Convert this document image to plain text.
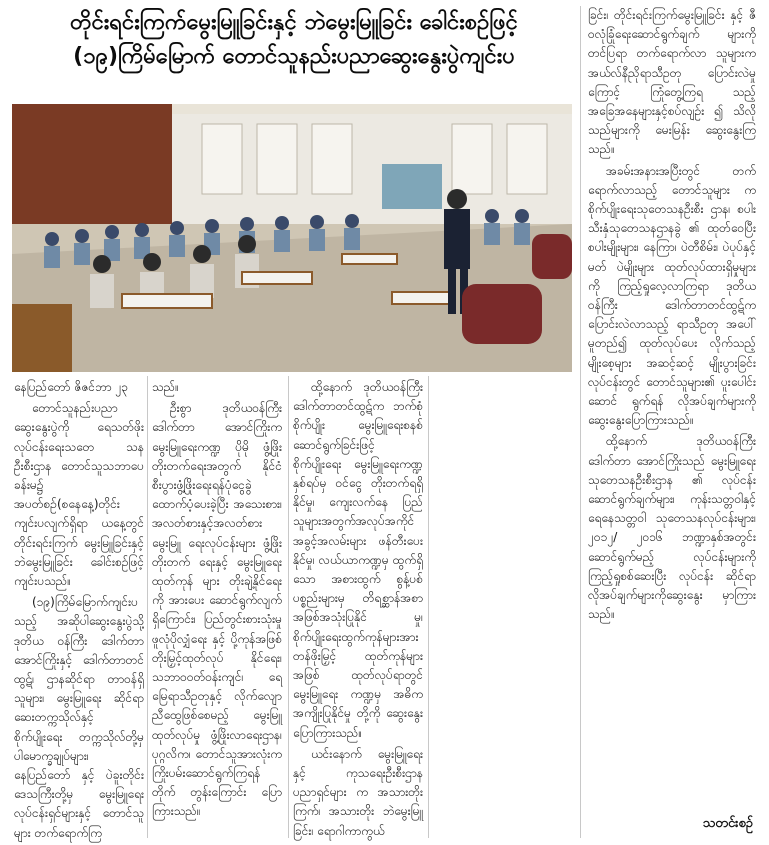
တိုင်းရင်းကြက်မွေးမြူခြင်းနှင့် ဘဲမွေးမြူခြင်း ခေါင်းစဉ်ဖြင့်
(၁၉)ကြိမ်မြောက် တောင်သူနည်းပညာဆွေးနွေးပွဲကျင်းပ

နေပြည်တော် ဇိဇင်ဘာ ၂၃

တောင်သူနည်းပညာ ဆွေးနွေးပွဲကို ရေသတ်ဖိုးလုပ်ငန်းရေးသတေ သနဦးစီးဌာန တောင်သူသဘာပေ ခန်းမ၌ အပတ်စဉ်(စနေနေ့)တိုင်း ကျင်းပလျက်ရှိရာ ယနေ့တွင် တိုင်းရင်းကြက် မွေးမြူခြင်းနှင့် ဘဲမွေးမြူခြင်း ခေါင်းစဉ်ဖြင့် ကျင်းပသည်။

(၁၉)ကြိမ်မြောက်ကျင်းပသည့် အဆိုပါဆွေးနွေးပွဲသို့ ဒုတိယ ဝန်ကြီး ဒေါက်တာအောင်ကြိုးနှင့် ဒေါက်တာတင်ထွဋ်၊ ဌာနဆိုင်ရာ တာဝန်ရှိသူများ၊ မွေးမြူရေး ဆိုင်ရာ ဆေးတက္ကသိုလ်နှင့် စိုက်ပျိုးရေး တက္ကသိုလ်တို့မှ ပါမောက္ခချုပ်များ၊ နေပြည်တော် နှင့် ပဲခူးတိုင်းဒေသကြီးတို့မှ မွေးမြူရေး လုပ်ငန်းရှင်များနှင့် တောင်သူများ တက်ရောက်ကြ

သည်။

ဦးစွာ ဒုတိယဝန်ကြီး ဒေါက်တာ အောင်ကြိုးက မွေးမြူရေးကဏ္ဍ ပိုမို ဖွံ့ဖြိုးတိုးတက်ရေးအတွက် နိုင်ငံစီးပွားဖွံ့ဖြိုးရေးရန်ပုံငွေခွဲ ထောက်ပံ့ပေးခဲ့ပြီး အသေးစား၊ အလတ်စားနှင့်အလတ်စား မွေးမြူ ရေးလုပ်ငန်းများ ဖွံ့ဖြိုးတိုးတက် ရေးနှင့် မွေးမြူရေးထုတ်ကုန် များ တိုးချဲ့နိုင်ရေးကို အားပေး ဆောင်ရွက်လျက် ရှိကြောင်း၊ ပြည်တွင်းစားသုံးမှု ဖူလုံပိုလျှံရေး နှင့် ပို့ကုန်အဖြစ်တိုးမြှင့်ထုတ်လုပ် နိုင်ရေး၊ သဘာဝဝတ်ဝန်းကျင်၊ ရေမြေရာသီဥတုနှင့် လိုက်လျော ညီထွေဖြစ်စေမည့် မွေးမြူ ထုတ်လုပ်မှု ဖွံ့ဖြိုးလာရေးဌာန၊ ပုဂ္ဂလိက၊ တောင်သူအားလုံးက ကြိုးပမ်းဆောင်ရွက်ကြရန် တိုက် တွန်းကြောင်း ပြောကြားသည်။

ထို့နောက် ဒုတိယဝန်ကြီး ဒေါက်တာတင်ထွဋ်က ဘက်စုံ စိုက်ပျိုး မွေးမြူရေးစနစ် ဆောင်ရွက်ခြင်းဖြင့် စိုက်ပျိုးရေး မွေးမြူရေးကဏ္ဍနှစ်ရပ်မှ ဝင်ငွေ တိုးတက်ရရှိနိုင်မှု၊ ကျေးလက်နေ ပြည်သူများအတွက်အလုပ်အကိုင် အခွင့်အလမ်းများ ဖန်တီးပေးနိုင်မှု၊ လယ်ယာကဏ္ဍမှ ထွက်ရှိသော အစားထွက် စွန့်ပစ်ပစ္စည်းများမှ တိရစ္ဆာန်အစာအဖြစ်အသုံးပြုနိုင် မှု၊ စိုက်ပျိုးရေးထွက်ကုန်များအား တန်ဖိုးမြှင့် ထုတ်ကုန်များအဖြစ် ထုတ်လုပ်ရာတွင် မွေးမြူရေး ကဏ္ဍမှ အဓိကအကျိုးပြုနိုင်မှု တို့ကို ဆွေးနွေးပြောကြားသည်။

ယင်းနောက် မွေးမြူရေးနှင့် ကုသရေးဦးစီးဌာန ပညာရှင်များ က အသားတိုးကြက်၊ အသားတိုး ဘဲမွေးမြူခြင်း၊ ရောဂါကာကွယ်

ခြင်း၊ တိုင်းရင်းကြက်မွေးမြူခြင်း နှင့် ဇီဝလုံခြုံရေးဆောင်ရွက်ချက် များကိုတင်ပြရာ တက်ရောက်လာ သူများက အယ်လ်နီညိုရာသီဥတု ပြောင်းလဲမှုကြောင့် ကြုံတွေ့ကြရ သည့် အခြေအနေများနှင့်စပ်လျဉ်း ၍ သိလိုသည်များကို မေးမြန်း ဆွေးနွေးကြသည်။

အခမ်းအနားအပြီးတွင် တက် ရောက်လာသည့် တောင်သူများ က စိုက်ပျိုးရေးသုတေသနဦးစီး ဌာန၊ စပါးသီးနှံသုတေသနဌာနခွဲ ၏ ထုတ်ဝေပြီး စပါးမျိုးများ၊ နေကြာ၊ ပဲတီစိမ်း၊ ပဲပုပ်နှင့် မတ် ပဲမျိုးများ ထုတ်လုပ်ထားရှိမှုများ ကို ကြည့်ရှုလေ့လာကြရာ ဒုတိယ ဝန်ကြီး ဒေါက်တာတင်ထွဋ်က ပြောင်းလဲလာသည့် ရာသီဥတု အပေါ်မူတည်၍ ထုတ်လုပ်ပေး လိုက်သည့် မျိုးစေ့များ အဆင့်ဆင့် မျိုးပွားခြင်း လုပ်ငန်းတွင် တောင်သူများ၏ ပူးပေါင်းဆောင် ရွက်ရန် လိုအပ်ချက်များကို ဆွေးနွေးပြောကြားသည်။

ထို့နောက် ဒုတိယဝန်ကြီး ဒေါက်တာ အောင်ကြိုးသည် မွေးမြူရေးသုတေသနဦးစီးဌာန ၏ လုပ်ငန်းဆောင်ရွက်ချက်များ၊ ကုန်းသတ္တဝါနှင့် ရေနေသတ္တဝါ သုတေသနလုပ်ငန်းများ၊ ၂၀၁၂/ ၂၀၁၆ ဘဏ္ဍာနှစ်အတွင်း ဆောင်ရွက်မည့် လုပ်ငန်းများကို ကြည့်ရှုစစ်ဆေးပြီး လုပ်ငန်း ဆိုင်ရာလိုအပ်ချက်များကိုဆွေးနွေး မှာကြားသည်။

သတင်းစဉ်
